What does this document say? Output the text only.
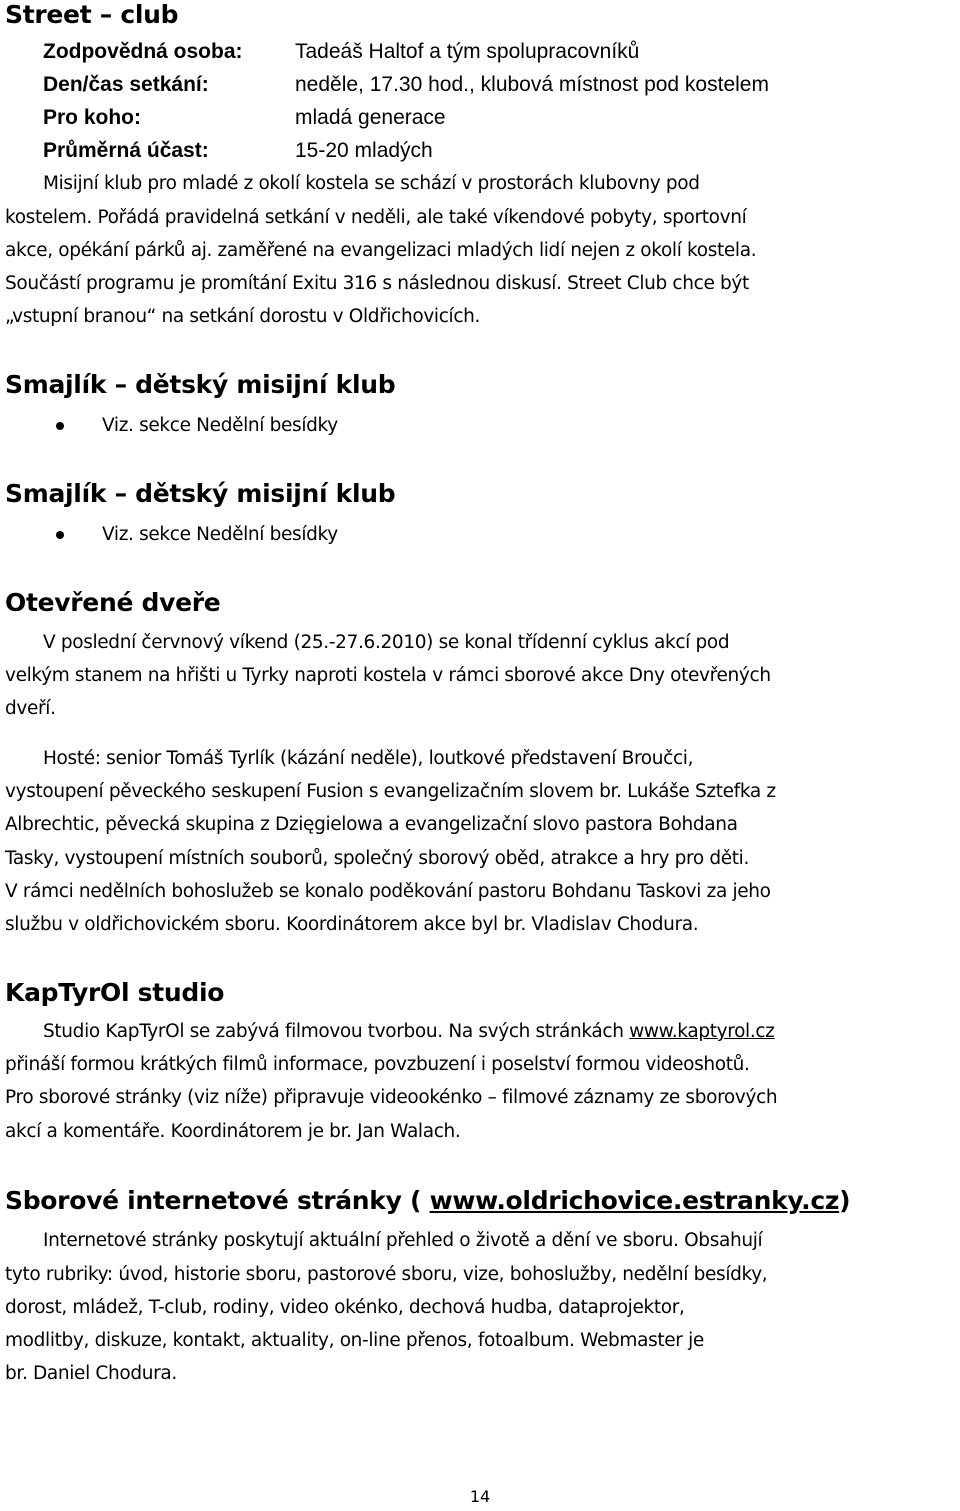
Street – club
Zodpovědná osoba:	Tadeáš Haltof a tým spolupracovníků
Den/čas setkání:	neděle, 17.30 hod., klubová místnost pod kostelem
Pro koho:	mladá generace
Průměrná účast:	15-20 mladých
Misijní klub pro mladé z okolí kostela se schází v prostorách klubovny pod
kostelem. Pořádá pravidelná setkání v neděli, ale také víkendové pobyty, sportovní
akce, opékání párků aj. zaměřené na evangelizaci mladých lidí nejen z okolí kostela.
Součástí programu je promítání Exitu 316 s následnou diskusí. Street Club chce být
„vstupní branou“ na setkání dorostu v Oldřichovicích.
Smajlík – dětský misijní klub
Viz. sekce Nedělní besídky
Smajlík – dětský misijní klub
Viz. sekce Nedělní besídky
Otevřené dveře
V poslední červnový víkend (25.-27.6.2010) se konal třídenní cyklus akcí pod
velkým stanem na hřišti u Tyrky naproti kostela v rámci sborové akce Dny otevřených
dveří.
Hosté: senior Tomáš Tyrlík (kázání neděle), loutkové představení Broučci,
vystoupení pěveckého seskupení Fusion s evangelizačním slovem br. Lukáše Sztefka z
Albrechtic, pěvecká skupina z Dzięgielowa a evangelizační slovo pastora Bohdana
Tasky, vystoupení místních souborů, společný sborový oběd, atrakce a hry pro děti.
V rámci nedělních bohoslužeb se konalo poděkování pastoru Bohdanu Taskovi za jeho
službu v oldřichovickém sboru. Koordinátorem akce byl br. Vladislav Chodura.
KapTyrOl studio
Studio KapTyrOl se zabývá filmovou tvorbou. Na svých stránkách www.kaptyrol.cz
přináší formou krátkých filmů informace, povzbuzení i poselství formou videoshotů.
Pro sborové stránky (viz níže) připravuje videookénko – filmové záznamy ze sborových
akcí a komentáře. Koordinátorem je br. Jan Walach.
Sborové internetové stránky ( www.oldrichovice.estranky.cz)
Internetové stránky poskytují aktuální přehled o životě a dění ve sboru. Obsahují
tyto rubriky: úvod, historie sboru, pastorové sboru, vize, bohoslužby, nedělní besídky,
dorost, mládež, T-club, rodiny, video okénko, dechová hudba, dataprojektor,
modlitby, diskuze, kontakt, aktuality, on-line přenos, fotoalbum. Webmaster je
br. Daniel Chodura.
14
